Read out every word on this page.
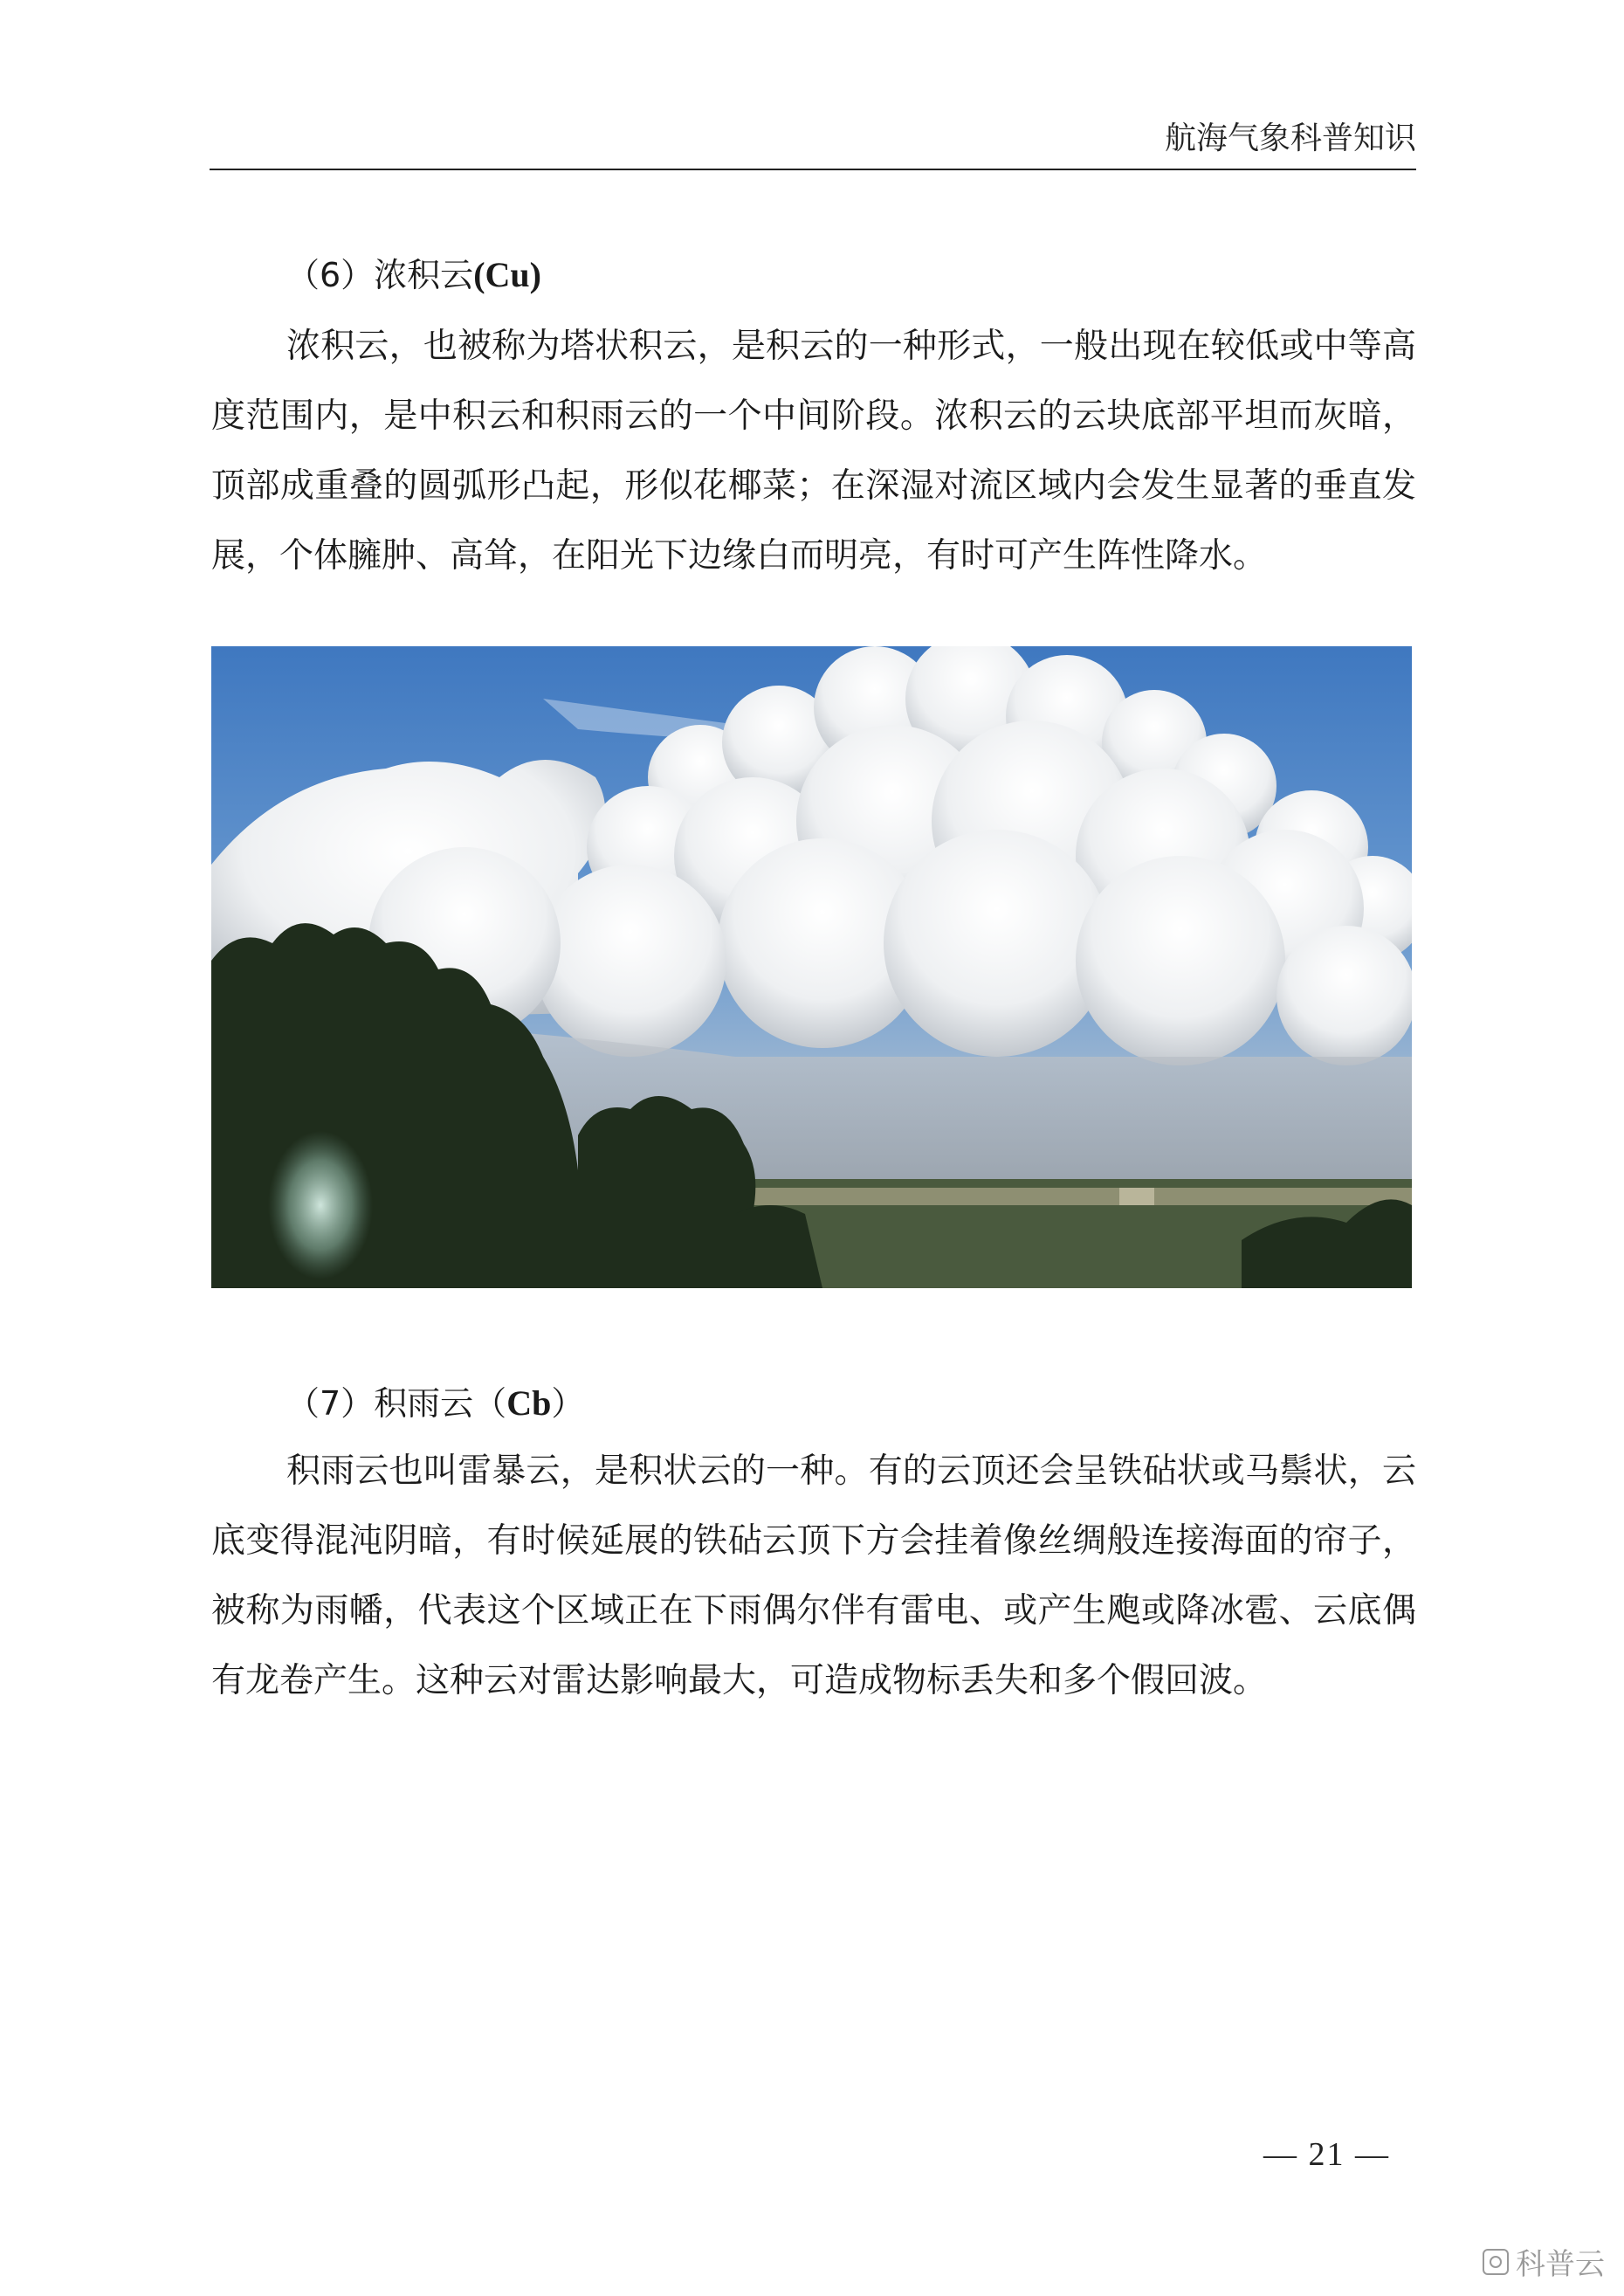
航海气象科普知识
（6）浓积云(Cu)

浓积云，也被称为塔状积云，是积云的一种形式，一般出现在较低或中等高度范围内，是中积云和积雨云的一个中间阶段。浓积云的云块底部平坦而灰暗，顶部成重叠的圆弧形凸起，形似花椰菜；在深湿对流区域内会发生显著的垂直发展，个体臃肿、高耸，在阳光下边缘白而明亮，有时可产生阵性降水。

（7）积雨云（Cb）

积雨云也叫雷暴云，是积状云的一种。有的云顶还会呈铁砧状或马鬃状，云底变得混沌阴暗，有时候延展的铁砧云顶下方会挂着像丝绸般连接海面的帘子，被称为雨幡，代表这个区域正在下雨偶尔伴有雷电、或产生飑或降冰雹、云底偶有龙卷产生。这种云对雷达影响最大，可造成物标丢失和多个假回波。

— 21 —
科普云
